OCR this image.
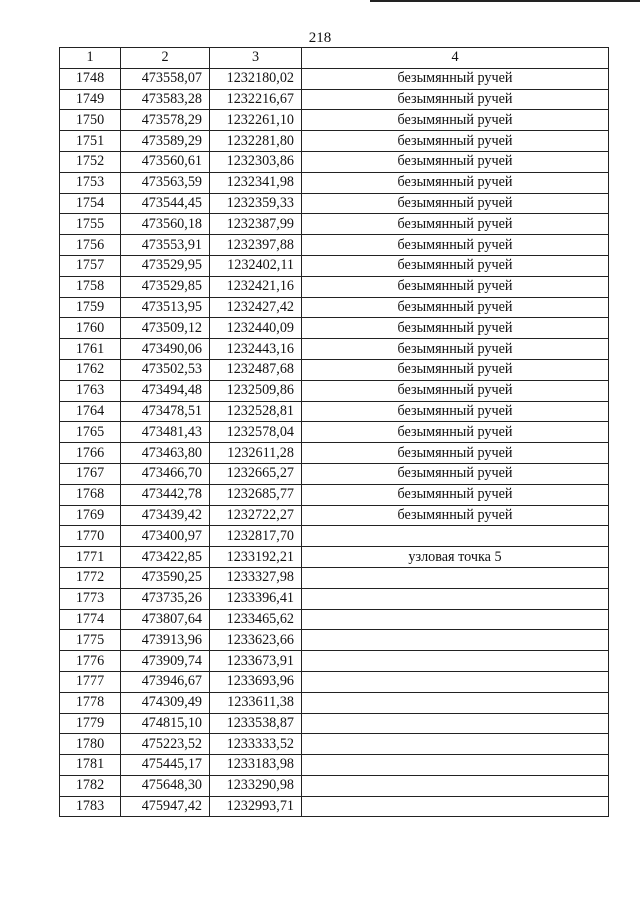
218
1	2	3	4
1748	473558,07	1232180,02	безымянный ручей
1749	473583,28	1232216,67	безымянный ручей
1750	473578,29	1232261,10	безымянный ручей
1751	473589,29	1232281,80	безымянный ручей
1752	473560,61	1232303,86	безымянный ручей
1753	473563,59	1232341,98	безымянный ручей
1754	473544,45	1232359,33	безымянный ручей
1755	473560,18	1232387,99	безымянный ручей
1756	473553,91	1232397,88	безымянный ручей
1757	473529,95	1232402,11	безымянный ручей
1758	473529,85	1232421,16	безымянный ручей
1759	473513,95	1232427,42	безымянный ручей
1760	473509,12	1232440,09	безымянный ручей
1761	473490,06	1232443,16	безымянный ручей
1762	473502,53	1232487,68	безымянный ручей
1763	473494,48	1232509,86	безымянный ручей
1764	473478,51	1232528,81	безымянный ручей
1765	473481,43	1232578,04	безымянный ручей
1766	473463,80	1232611,28	безымянный ручей
1767	473466,70	1232665,27	безымянный ручей
1768	473442,78	1232685,77	безымянный ручей
1769	473439,42	1232722,27	безымянный ручей
1770	473400,97	1232817,70	
1771	473422,85	1233192,21	узловая точка 5
1772	473590,25	1233327,98	
1773	473735,26	1233396,41	
1774	473807,64	1233465,62	
1775	473913,96	1233623,66	
1776	473909,74	1233673,91	
1777	473946,67	1233693,96	
1778	474309,49	1233611,38	
1779	474815,10	1233538,87	
1780	475223,52	1233333,52	
1781	475445,17	1233183,98	
1782	475648,30	1233290,98	
1783	475947,42	1232993,71	
